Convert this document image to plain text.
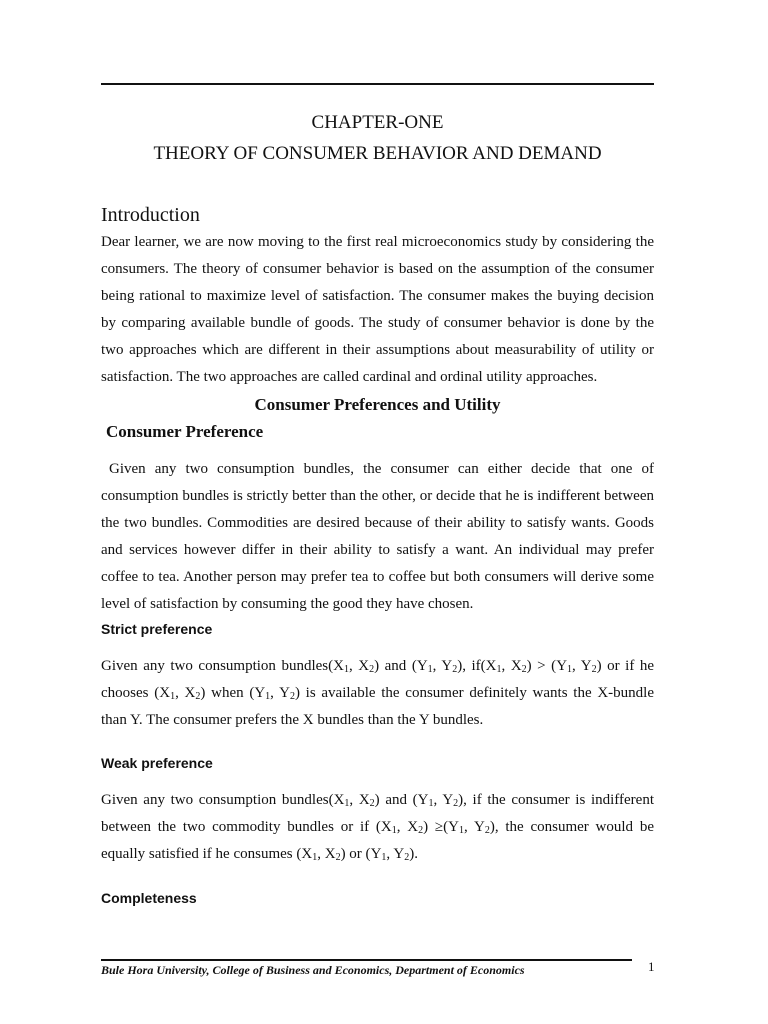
CHAPTER-ONE
THEORY OF CONSUMER BEHAVIOR AND DEMAND
Introduction

Dear learner, we are now moving to the first real microeconomics study by considering the consumers. The theory of consumer behavior is based on the assumption of the consumer being rational to maximize level of satisfaction. The consumer makes the buying decision by comparing available bundle of goods. The study of consumer behavior is done by the two approaches which are different in their assumptions about measurability of utility or satisfaction. The two approaches are called cardinal and ordinal utility approaches.

Consumer Preferences and Utility
Consumer Preference

Given any two consumption bundles, the consumer can either decide that one of consumption bundles is strictly better than the other, or decide that he is indifferent between the two bundles. Commodities are desired because of their ability to satisfy wants. Goods and services however differ in their ability to satisfy a want. An individual may prefer coffee to tea. Another person may prefer tea to coffee but both consumers will derive some level of satisfaction by consuming the good they have chosen.

Strict preference

Given any two consumption $bundles(X_1$, $X_2$) and ($Y_1$, $Y_2$), $if(X_1$, $X_2) > (Y_1$, $Y_2$) or if he chooses ($X_1$, $X_2$) when ($Y_1$, $Y_2$) is available the consumer definitely wants the X-bundle than Y. The consumer prefers the X bundles than the Y bundles.

Weak preference

Given any two consumption $bundles(X_1$, $X_2$) and ($Y_1$, $Y_2$), if the consumer is indifferent between the two commodity bundles or if ($X_1$, $X_2) \ge(Y_1$, $Y_2$), the consumer would be equally satisfied if he consumes ($X_1$, $X_2$) or ($Y_1$, $Y_2$).

Completeness
Bule Hora University, College of Business and Economics, Department of Economics	1
